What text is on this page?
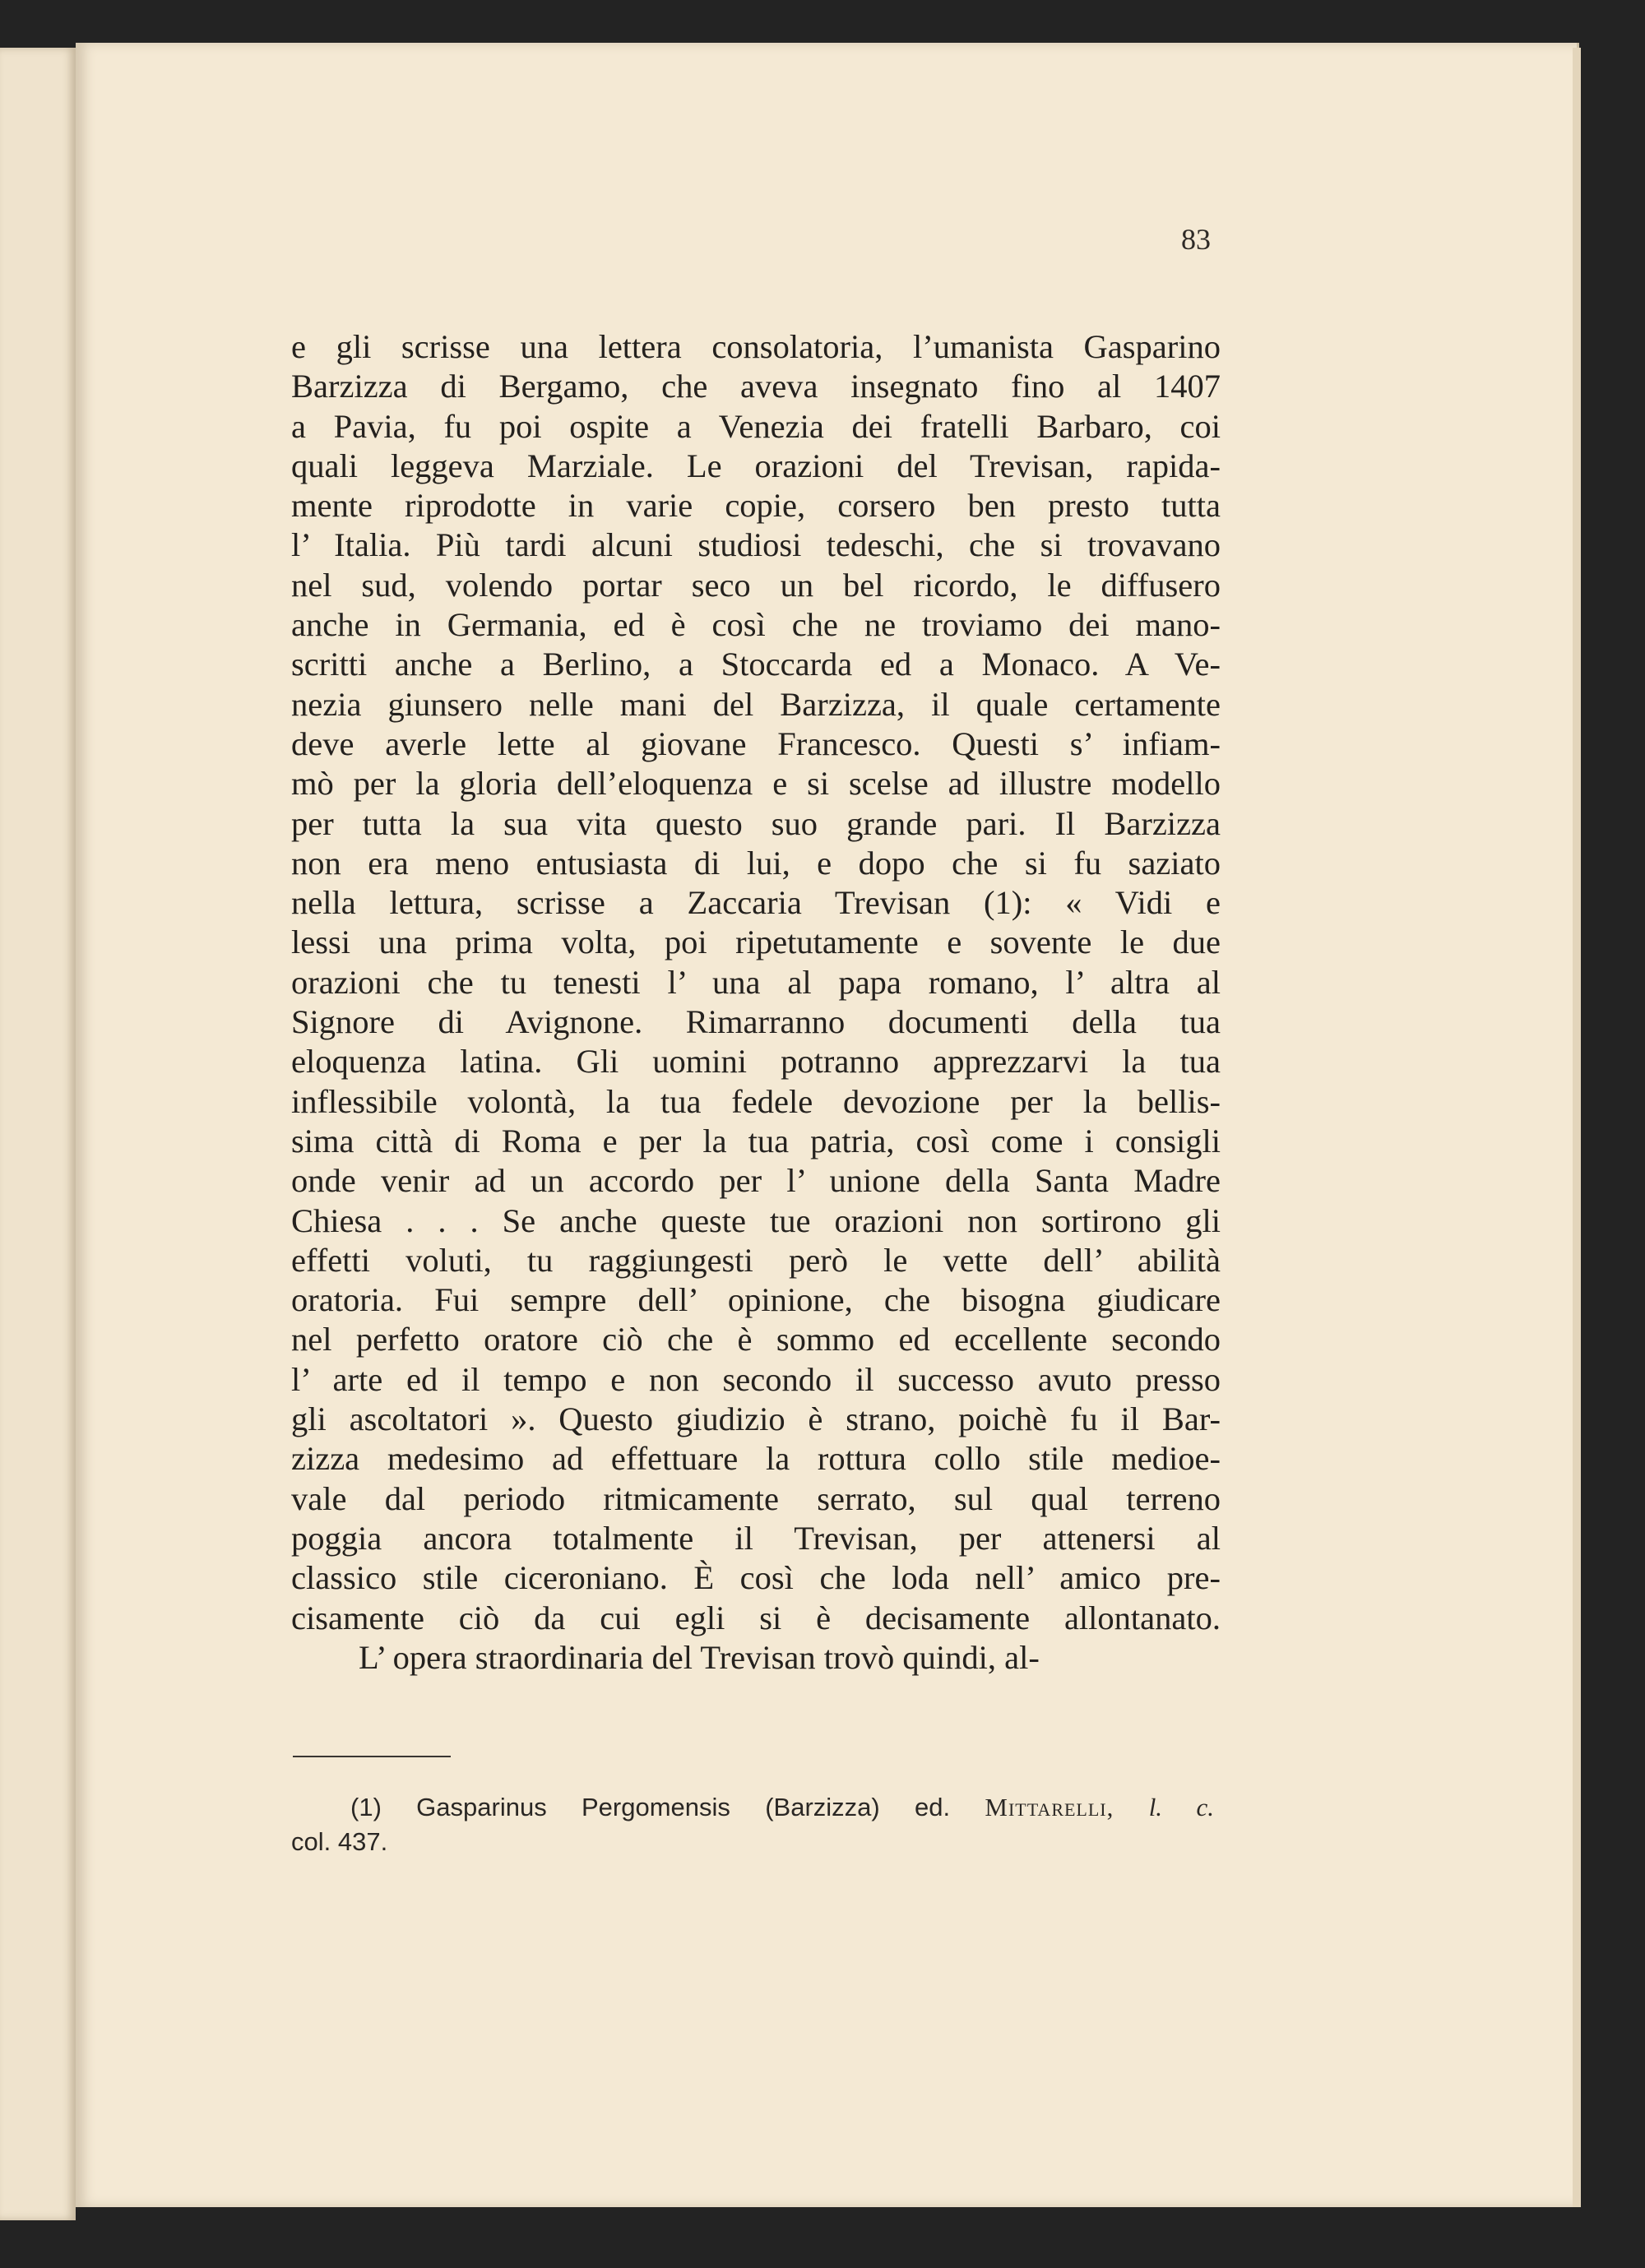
83
e gli scrisse una lettera consolatoria, l’umanista Gasparino
Barzizza di Bergamo, che aveva insegnato fino al 1407
a Pavia, fu poi ospite a Venezia dei fratelli Barbaro, coi
quali leggeva Marziale. Le orazioni del Trevisan, rapida-
mente riprodotte in varie copie, corsero ben presto tutta
l’ Italia. Più tardi alcuni studiosi tedeschi, che si trovavano
nel sud, volendo portar seco un bel ricordo, le diffusero
anche in Germania, ed è così che ne troviamo dei mano-
scritti anche a Berlino, a Stoccarda ed a Monaco. A Ve-
nezia giunsero nelle mani del Barzizza, il quale certamente
deve averle lette al giovane Francesco. Questi s’ infiam-
mò per la gloria dell’eloquenza e si scelse ad illustre modello
per tutta la sua vita questo suo grande pari. Il Barzizza
non era meno entusiasta di lui, e dopo che si fu saziato
nella lettura, scrisse a Zaccaria Trevisan (1): « Vidi e
lessi una prima volta, poi ripetutamente e sovente le due
orazioni che tu tenesti l’ una al papa romano, l’ altra al
Signore di Avignone. Rimarranno documenti della tua
eloquenza latina. Gli uomini potranno apprezzarvi la tua
inflessibile volontà, la tua fedele devozione per la bellis-
sima città di Roma e per la tua patria, così come i consigli
onde venir ad un accordo per l’ unione della Santa Madre
Chiesa . . . Se anche queste tue orazioni non sortirono gli
effetti voluti, tu raggiungesti però le vette dell’ abilità
oratoria. Fui sempre dell’ opinione, che bisogna giudicare
nel perfetto oratore ciò che è sommo ed eccellente secondo
l’ arte ed il tempo e non secondo il successo avuto presso
gli ascoltatori ». Questo giudizio è strano, poichè fu il Bar-
zizza medesimo ad effettuare la rottura collo stile medioe-
vale dal periodo ritmicamente serrato, sul qual terreno
poggia ancora totalmente il Trevisan, per attenersi al
classico stile ciceroniano. È così che loda nell’ amico pre-
cisamente ciò da cui egli si è decisamente allontanato.
L’ opera straordinaria del Trevisan trovò quindi, al-
(1) Gasparinus Pergomensis (Barzizza) ed. Mittarelli, l. c.
col. 437.
